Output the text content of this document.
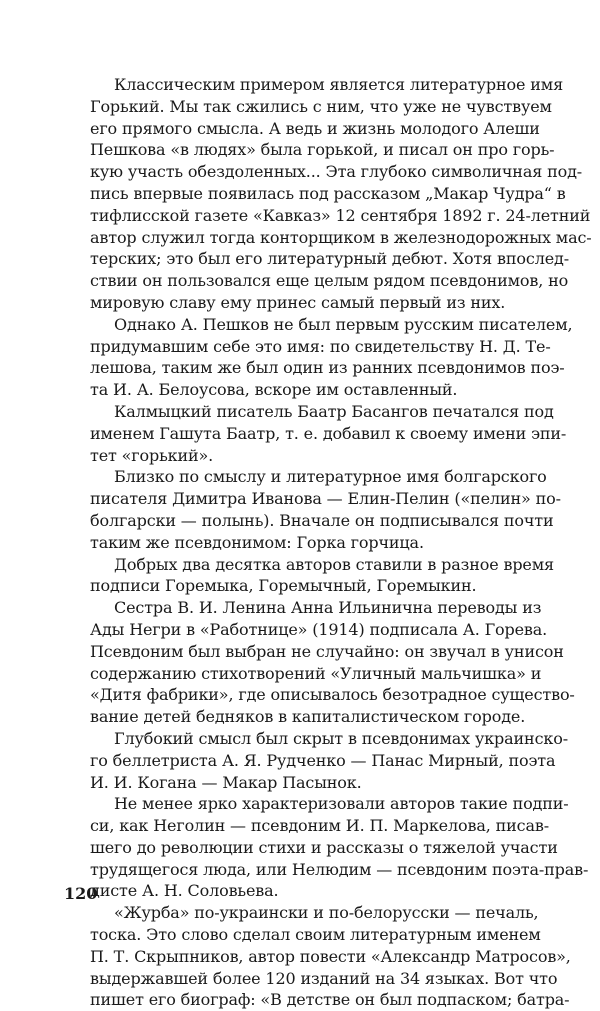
Классическим примером является литературное имя
Горький. Мы так сжились с ним, что уже не чувствуем
его прямого смысла. А ведь и жизнь молодого Алеши
Пешкова «в людях» была горькой, и писал он про горь-
кую участь обездоленных... Эта глубоко символичная под-
пись впервые появилась под рассказом „Макар Чудра“ в
тифлисской газете «Кавказ» 12 сентября 1892 г. 24-летний
автор служил тогда конторщиком в железнодорожных мас-
терских; это был его литературный дебют. Хотя впослед-
ствии он пользовался еще целым рядом псевдонимов, но
мировую славу ему принес самый первый из них.
Однако А. Пешков не был первым русским писателем,
придумавшим себе это имя: по свидетельству Н. Д. Те-
лешова, таким же был один из ранних псевдонимов поэ-
та И. А. Белоусова, вскоре им оставленный.
Калмыцкий писатель Баатр Басангов печатался под
именем Гашута Баатр, т. е. добавил к своему имени эпи-
тет «горький».
Близко по смыслу и литературное имя болгарского
писателя Димитра Иванова — Елин-Пелин («пелин» по-
болгарски — полынь). Вначале он подписывался почти
таким же псевдонимом: Горка горчица.
Добрых два десятка авторов ставили в разное время
подписи Горемыка, Горемычный, Горемыкин.
Сестра В. И. Ленина Анна Ильинична переводы из
Ады Негри в «Работнице» (1914) подписала А. Горева.
Псевдоним был выбран не случайно: он звучал в унисон
содержанию стихотворений «Уличный мальчишка» и
«Дитя фабрики», где описывалось безотрадное существо-
вание детей бедняков в капиталистическом городе.
Глубокий смысл был скрыт в псевдонимах украинско-
го беллетриста А. Я. Рудченко — Панас Мирный, поэта
И. И. Когана — Макар Пасынок.
Не менее ярко характеризовали авторов такие подпи-
си, как Неголин — псевдоним И. П. Маркелова, писав-
шего до революции стихи и рассказы о тяжелой участи
трудящегося люда, или Нелюдим — псевдоним поэта-прав-
дисте А. Н. Соловьева.
«Журба» по-украински и по-белорусски — печаль,
тоска. Это слово сделал своим литературным именем
П. Т. Скрыпников, автор повести «Александр Матросов»,
выдержавшей более 120 изданий на 34 языках. Вот что
пишет его биограф: «В детстве он был подпаском; батра-
120
